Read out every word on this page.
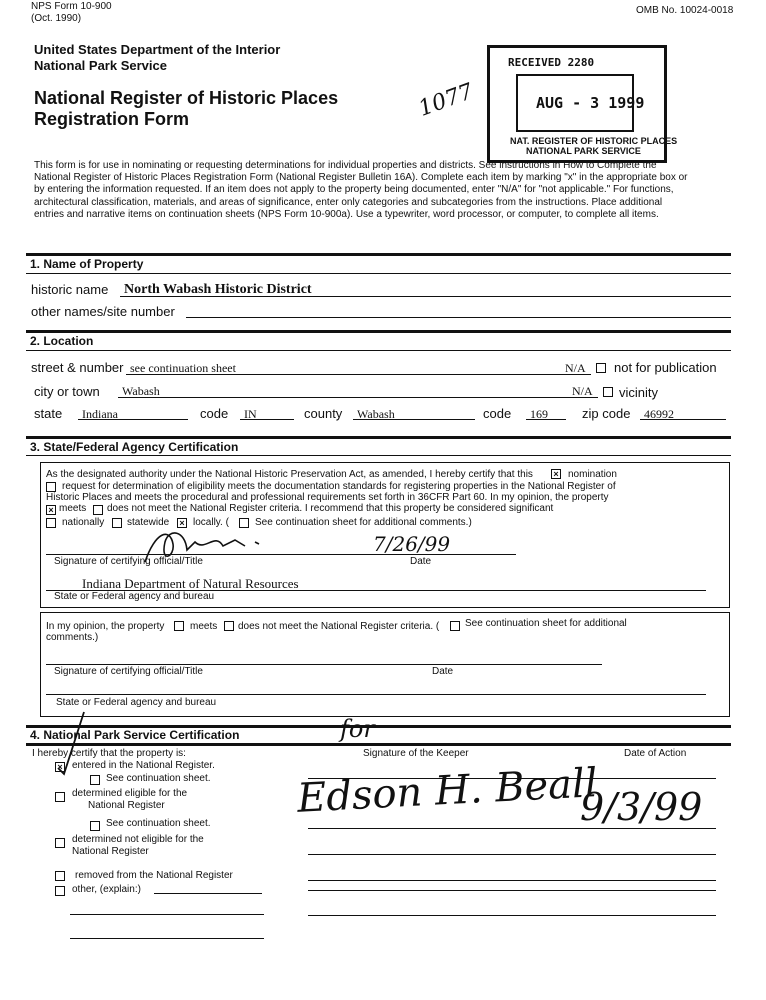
NPS Form 10-900
(Oct. 1990)
OMB No. 10024-0018
United States Department of the Interior
National Park Service
National Register of Historic Places
Registration Form	1077
RECEIVED 2280
AUG - 3 1999
NAT. REGISTER OF HISTORIC PLACES
NATIONAL PARK SERVICE
This form is for use in nominating or requesting determinations for individual properties and districts. See instructions in How to Complete the
National Register of Historic Places Registration Form (National Register Bulletin 16A). Complete each item by marking "x" in the appropriate box or
by entering the information requested. If an item does not apply to the property being documented, enter "N/A" for "not applicable." For functions,
architectural classification, materials, and areas of significance, enter only categories and subcategories from the instructions. Place additional
entries and narrative items on continuation sheets (NPS Form 10-900a). Use a typewriter, word processor, or computer, to complete all items.
1. Name of Property
historic name North Wabash Historic District
other names/site number
2. Location
street & number see continuation sheet	N/A not for publication
city or town Wabash	N/A vicinity
state Indiana	code IN	county Wabash	code 169	zip code 46992
3. State/Federal Agency Certification
As the designated authority under the National Historic Preservation Act, as amended, I hereby certify that this ×	nomination
request for determination of eligibility meets the documentation standards for registering properties in the National Register of
Historic Places and meets the procedural and professional requirements set forth in 36CFR Part 60. In my opinion, the property
×
meets does not meet the National Register criteria. I recommend that this property be considered significant
nationally statewide × locally. (	See continuation sheet for additional comments.)
7/26/99
Signature of certifying official/Title	Date
Indiana Department of Natural Resources
State or Federal agency and bureau
In my opinion, the property	meets does not meet the National Register criteria. (	See continuation sheet for additional
comments.)
Signature of certifying official/Title	Date
State or Federal agency and bureau
4. National Park Service Certification
I hereby certify that the property is:	Signature of the Keeper	Date of Action
for
×
entered in the National Register.
See continuation sheet.
determined eligible for the
National Register
See continuation sheet.
Edson H. Beall
9/3/99
determined not eligible for the
National Register
removed from the National Register
other, (explain:)
